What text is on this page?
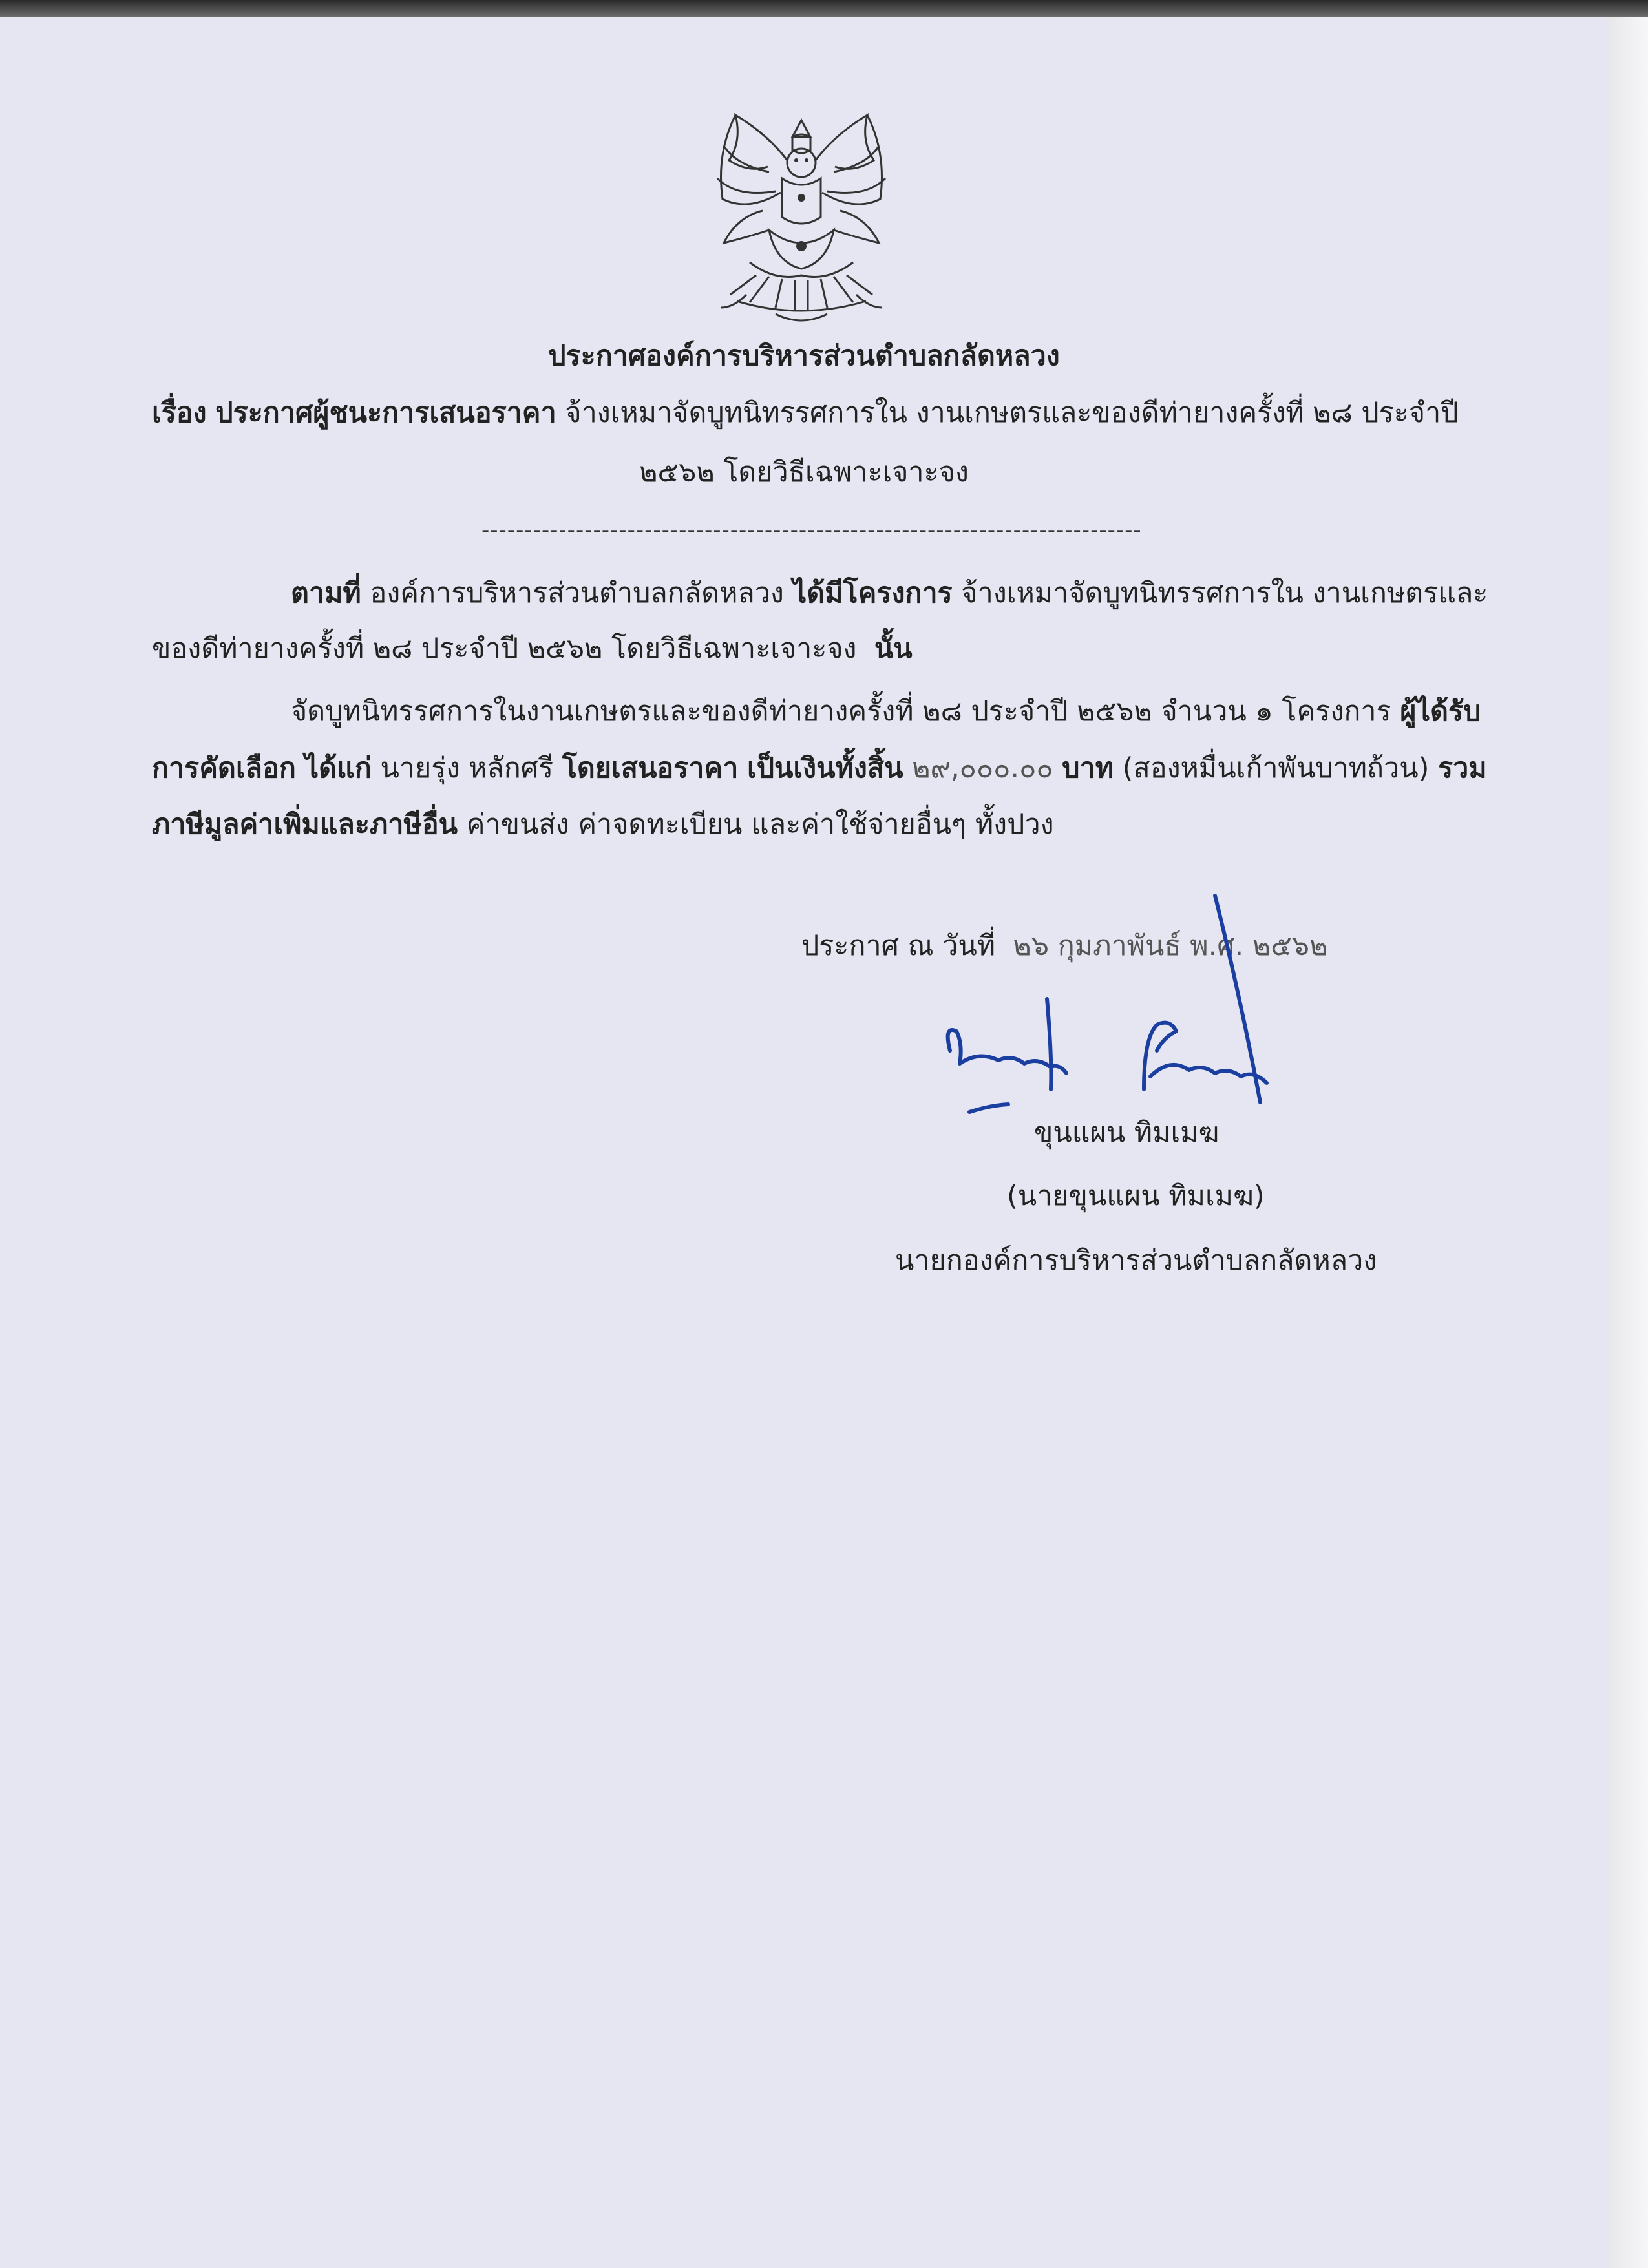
ประกาศองค์การบริหารส่วนตำบลกลัดหลวง
เรื่อง ประกาศผู้ชนะการเสนอราคา จ้างเหมาจัดบูทนิทรรศการใน งานเกษตรและของดีท่ายางครั้งที่ ๒๘ ประจำปี
๒๕๖๒ โดยวิธีเฉพาะเจาะจง
-----------------------------------------------------------------------------
ตามที่ องค์การบริหารส่วนตำบลกลัดหลวง ได้มีโครงการ จ้างเหมาจัดบูทนิทรรศการใน งานเกษตรและ
ของดีท่ายางครั้งที่ ๒๘ ประจำปี ๒๕๖๒ โดยวิธีเฉพาะเจาะจง นั้น
จัดบูทนิทรรศการในงานเกษตรและของดีท่ายางครั้งที่ ๒๘ ประจำปี ๒๕๖๒ จำนวน ๑ โครงการ ผู้ได้รับ
การคัดเลือก ได้แก่ นายรุ่ง หลักศรี โดยเสนอราคา เป็นเงินทั้งสิ้น ๒๙,๐๐๐.๐๐ บาท (สองหมื่นเก้าพันบาทถ้วน) รวม
ภาษีมูลค่าเพิ่มและภาษีอื่น ค่าขนส่ง ค่าจดทะเบียน และค่าใช้จ่ายอื่นๆ ทั้งปวง
ประกาศ ณ วันที่ ๒๖ กุมภาพันธ์ พ.ศ. ๒๕๖๒
ขุนแผน ทิมเมฆ
(นายขุนแผน ทิมเมฆ)
นายกองค์การบริหารส่วนตำบลกลัดหลวง
